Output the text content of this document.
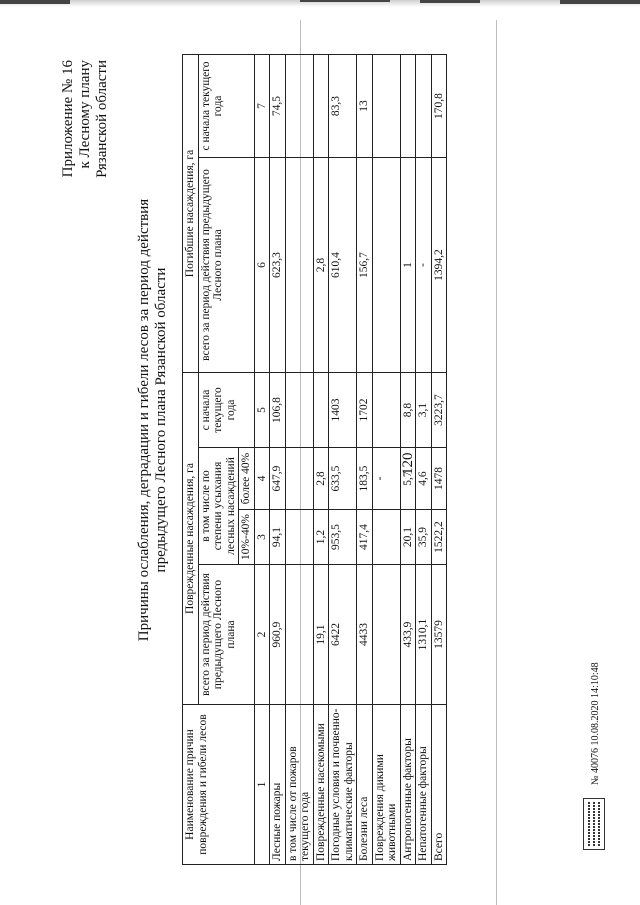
120
Приложение № 16 к Лесному плану Рязанской области
Причины ослабления, деградации и гибели лесов за период действия предыдущего Лесного плана Рязанской области
Наименование причин повреждения и гибели лесов	Поврежденные насаждения, га				Погибшие насаждения, га	
	всего за период действия предыдущего Лесного плана	в том числе по степени усыхания лесных насаждений		с начала текущего года	всего за период действия предыдущего Лесного плана	с начала текущего года
		10%-40%	более 40%			
1	2	3	4	5	6	7
Лесные пожары	960,9	94,1	647,9	106,8	623,3	74,5
в том числе от пожаров текущего года						
Поврежденные насекомыми	19,1	1,2	2,8		2,8	
Погодные условия и почвенно-климатические факторы	6422	953,5	633,5	1403	610,4	83,3
Болезни леса	4433	417,4	183,5	1702	156,7	13
Повреждения дикими животными			-			
Антропогенные факторы	433,9	20,1	5,7	8,8	1	
Непатогенные факторы	1310,1	35,9	4,6	3,1	-	
Всего	13579	1522,2	1478	3223,7	1394,2	170,8
№ 40076 10.08.2020 14:10:48
